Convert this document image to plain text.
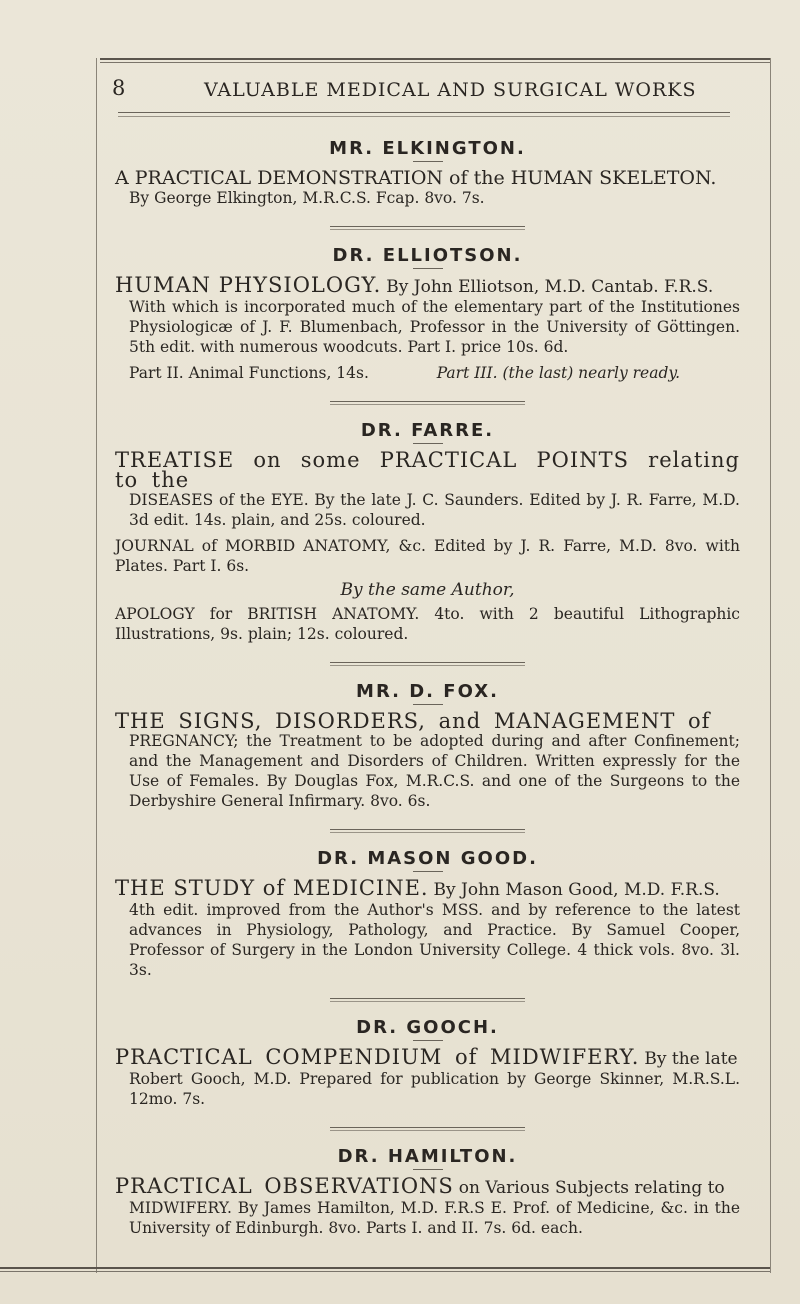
8	VALUABLE MEDICAL AND SURGICAL WORKS
MR. ELKINGTON.
A PRACTICAL DEMONSTRATION of the HUMAN SKELETON.
By George Elkington, M.R.C.S. Fcap. 8vo. 7s.
DR. ELLIOTSON.
HUMAN PHYSIOLOGY. By John Elliotson, M.D. Cantab. F.R.S.
With which is incorporated much of the elementary part of the Institutiones Physiologicæ of J. F. Blumenbach, Professor in the University of Göttingen. 5th edit. with numerous woodcuts. Part I. price 10s. 6d.
Part II. Animal Functions, 14s.	Part III. (the last) nearly ready.
DR. FARRE.
TREATISE on some PRACTICAL POINTS relating to the
DISEASES of the EYE. By the late J. C. Saunders. Edited by J. R. Farre, M.D. 3d edit. 14s. plain, and 25s. coloured.
JOURNAL of MORBID ANATOMY, &c. Edited by J. R. Farre, M.D. 8vo. with Plates. Part I. 6s.
By the same Author,
APOLOGY for BRITISH ANATOMY. 4to. with 2 beautiful Lithographic Illustrations, 9s. plain; 12s. coloured.
MR. D. FOX.
THE SIGNS, DISORDERS, and MANAGEMENT of
PREGNANCY; the Treatment to be adopted during and after Confinement; and the Management and Disorders of Children. Written expressly for the Use of Females. By Douglas Fox, M.R.C.S. and one of the Surgeons to the Derbyshire General Infirmary. 8vo. 6s.
DR. MASON GOOD.
THE STUDY of MEDICINE. By John Mason Good, M.D. F.R.S.
4th edit. improved from the Author's MSS. and by reference to the latest advances in Physiology, Pathology, and Practice. By Samuel Cooper, Professor of Surgery in the London University College. 4 thick vols. 8vo. 3l. 3s.
DR. GOOCH.
PRACTICAL COMPENDIUM of MIDWIFERY. By the late
Robert Gooch, M.D. Prepared for publication by George Skinner, M.R.S.L. 12mo. 7s.
DR. HAMILTON.
PRACTICAL OBSERVATIONS on Various Subjects relating to
MIDWIFERY. By James Hamilton, M.D. F.R.S E. Prof. of Medicine, &c. in the University of Edinburgh. 8vo. Parts I. and II. 7s. 6d. each.
